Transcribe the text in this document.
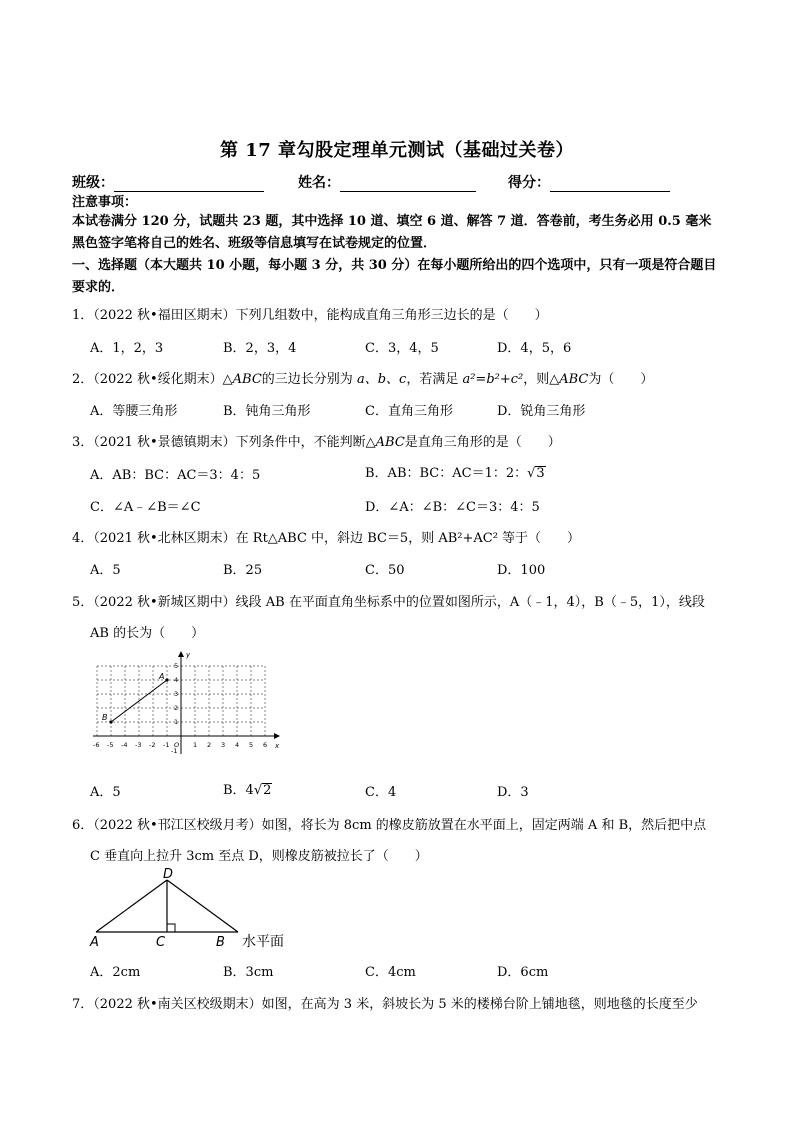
第 17 章勾股定理单元测试（基础过关卷）
班级：	姓名：	得分：
注意事项：
本试卷满分 120 分，试题共 23 题，其中选择 10 道、填空 6 道、解答 7 道．答卷前，考生务必用 0.5 毫米黑色签字笔将自己的姓名、班级等信息填写在试卷规定的位置．
一、选择题（本大题共 10 小题，每小题 3 分，共 30 分）在每小题所给出的四个选项中，只有一项是符合题目要求的．
1．（2022 秋•福田区期末）下列几组数中，能构成直角三角形三边长的是（　　）
A．1，2，3	B．2，3，4	C．3，4，5	D．4，5，6
2．（2022 秋•绥化期末）△ABC的三边长分别为 a、b、c，若满足 a²=b²+c²，则△ABC为（　　）
A．等腰三角形	B．钝角三角形	C．直角三角形	D．锐角三角形
3．（2021 秋•景德镇期末）下列条件中，不能判断△ABC是直角三角形的是（　　）
A．AB：BC：AC＝3：4：5	B．AB：BC：AC＝1：2：√3
C．∠A﹣∠B＝∠C	D．∠A：∠B：∠C＝3：4：5
4．（2021 秋•北林区期末）在 Rt△ABC 中，斜边 BC＝5，则 AB²+AC² 等于（　　）
A．5	B．25	C．50	D．100
5．（2022 秋•新城区期中）线段 AB 在平面直角坐标系中的位置如图所示，A（﹣1，4），B（﹣5，1），线段
AB 的长为（　　）
A
B
y
x
-6 -5 -4 -3 -2 -1 O 1 2 3 4 5 6
5
4
3
2
1
-1
A．5	B．4√2	C．4	D．3
6．（2022 秋•邗江区校级月考）如图，将长为 8cm 的橡皮筋放置在水平面上，固定两端 A 和 B，然后把中点
C 垂直向上拉升 3cm 至点 D，则橡皮筋被拉长了（　　）
D
A	C	B 水平面
A．2cm	B．3cm	C．4cm	D．6cm
7．（2022 秋•南关区校级期末）如图，在高为 3 米，斜坡长为 5 米的楼梯台阶上铺地毯，则地毯的长度至少
